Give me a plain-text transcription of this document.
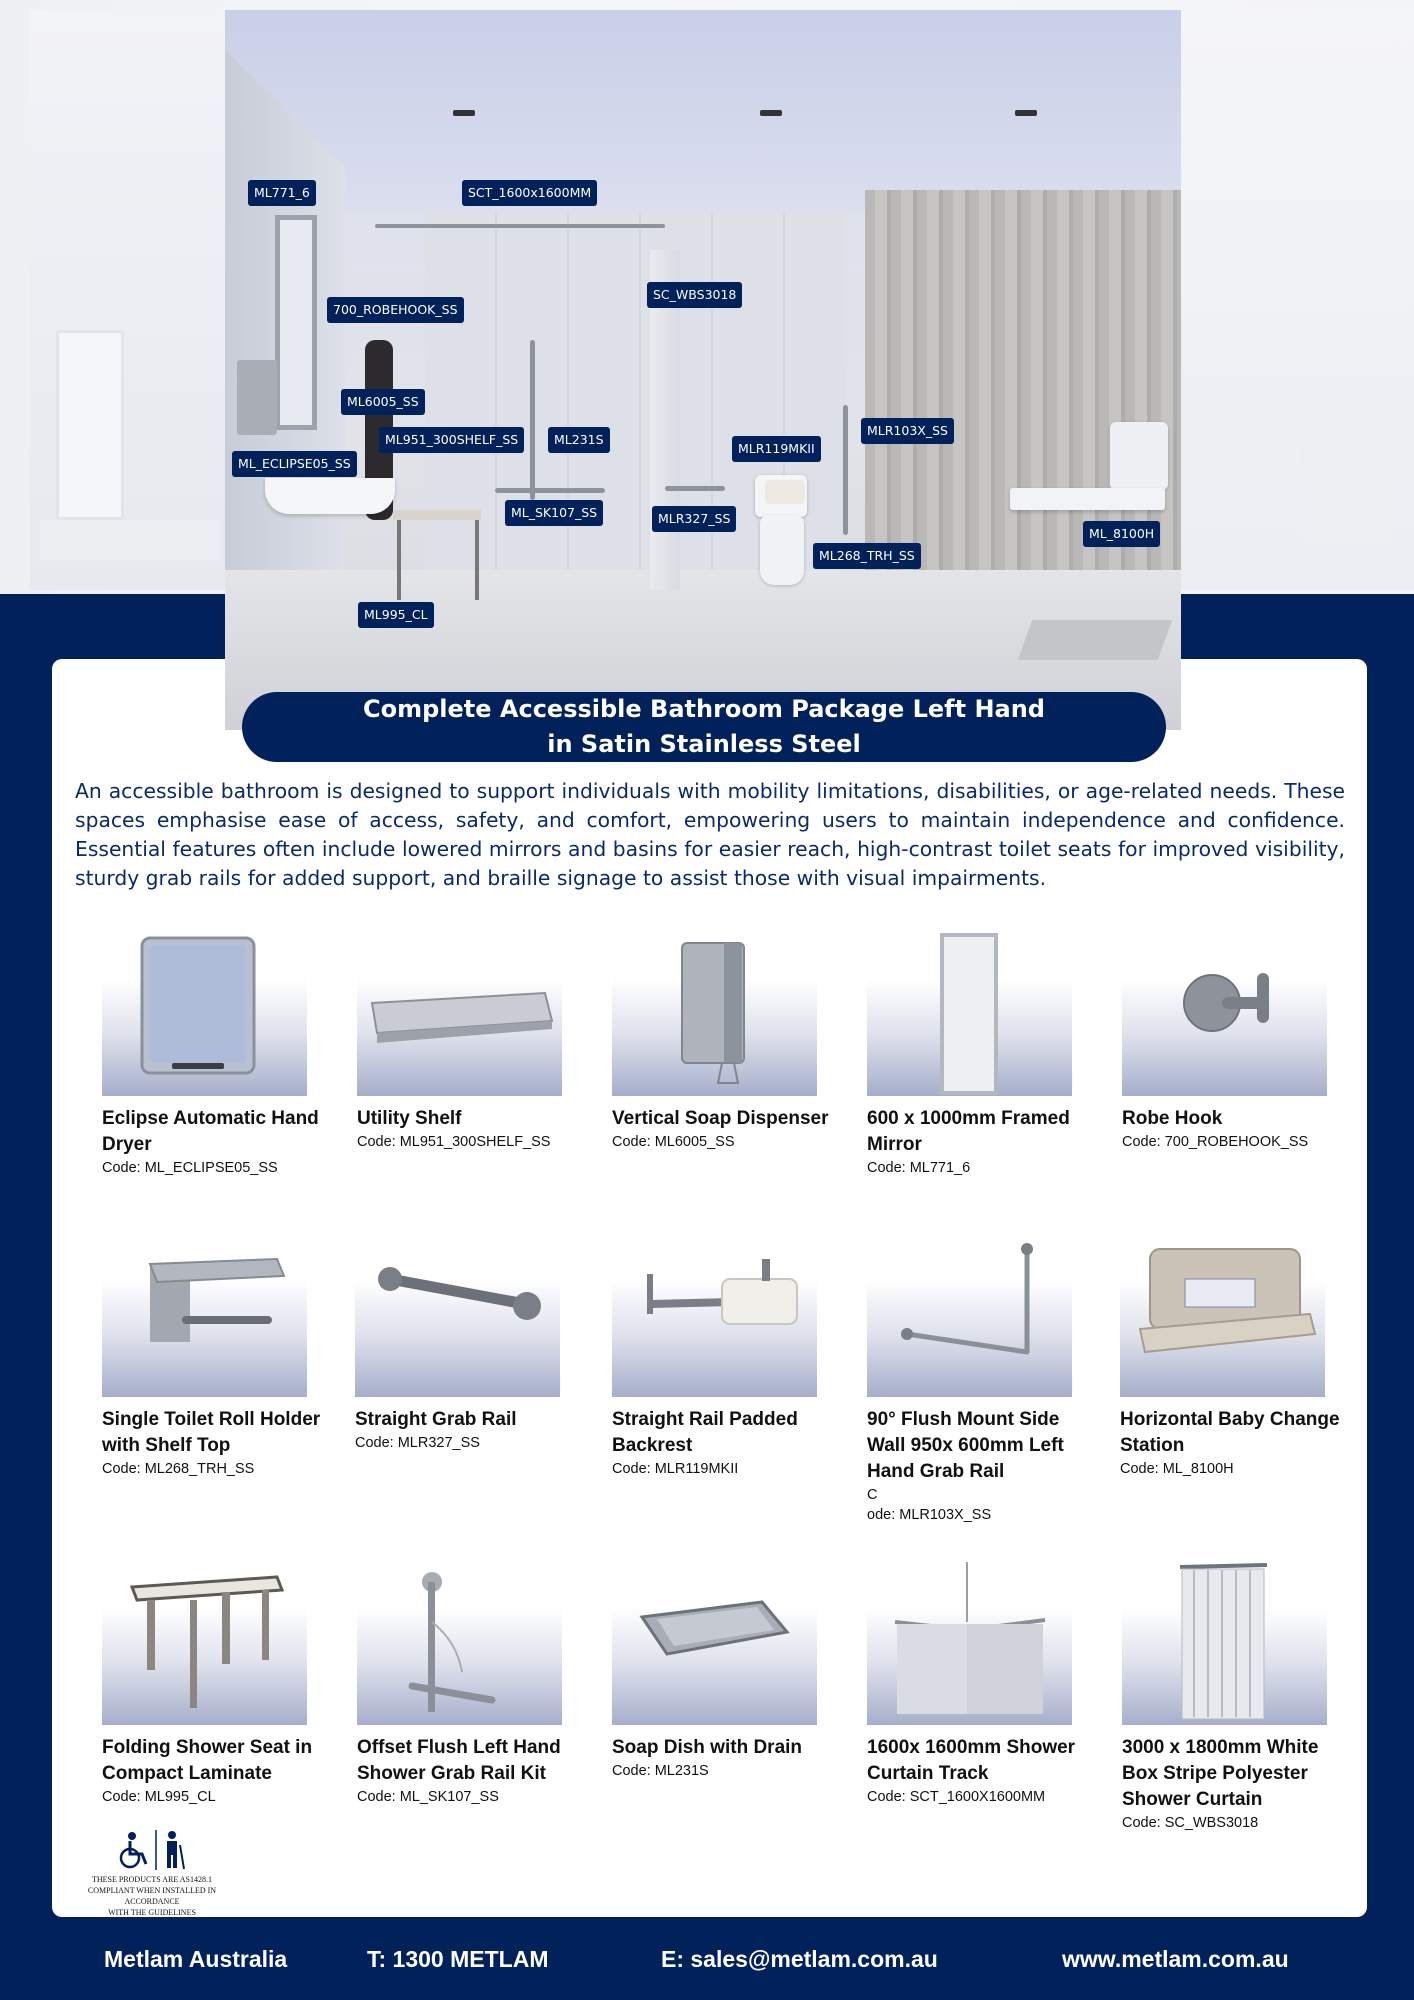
ML771_6	SCT_1600x1600MM
SC_WBS3018
700_ROBEHOOK_SS
ML6005_SS
ML951_300SHELF_SS	ML231S
MLR119MKII
MLR103X_SS
ML_ECLIPSE05_SS
ML_SK107_SS	MLR327_SS
ML_8100H
ML268_TRH_SS
ML995_CL
Complete Accessible Bathroom Package Left Hand
in Satin Stainless Steel

An accessible bathroom is designed to support individuals with mobility limitations, disabilities, or age-related needs. These spaces emphasise ease of access, safety, and comfort, empowering users to maintain independence and confidence. Essential features often include lowered mirrors and basins for easier reach, high-contrast toilet seats for improved visibility, sturdy grab rails for added support, and braille signage to assist those with visual impairments.

Eclipse Automatic Hand Dryer
Code: ML_ECLIPSE05_SS
Utility Shelf
Code: ML951_300SHELF_SS
Vertical Soap Dispenser
Code: ML6005_SS
600 x 1000mm Framed Mirror
Code: ML771_6
Robe Hook
Code: 700_ROBEHOOK_SS
Single Toilet Roll Holder with Shelf Top
Code: ML268_TRH_SS
Straight Grab Rail
Code: MLR327_SS
Straight Rail Padded Backrest
Code: MLR119MKII
90° Flush Mount Side Wall 950x 600mm Left Hand Grab Rail
C
ode: MLR103X_SS
Horizontal Baby Change Station
Code: ML_8100H
Folding Shower Seat in Compact Laminate
Code: ML995_CL
Offset Flush Left Hand Shower Grab Rail Kit
Code: ML_SK107_SS
Soap Dish with Drain
Code: ML231S
1600x 1600mm Shower Curtain Track
Code: SCT_1600X1600MM
3000 x 1800mm White Box Stripe Polyester Shower Curtain
Code: SC_WBS3018
THESE PRODUCTS ARE AS1428.1
COMPLIANT WHEN INSTALLED IN ACCORDANCE
WITH THE GUIDELINES
Metlam Australia	T: 1300 METLAM	E: sales@metlam.com.au	www.metlam.com.au
